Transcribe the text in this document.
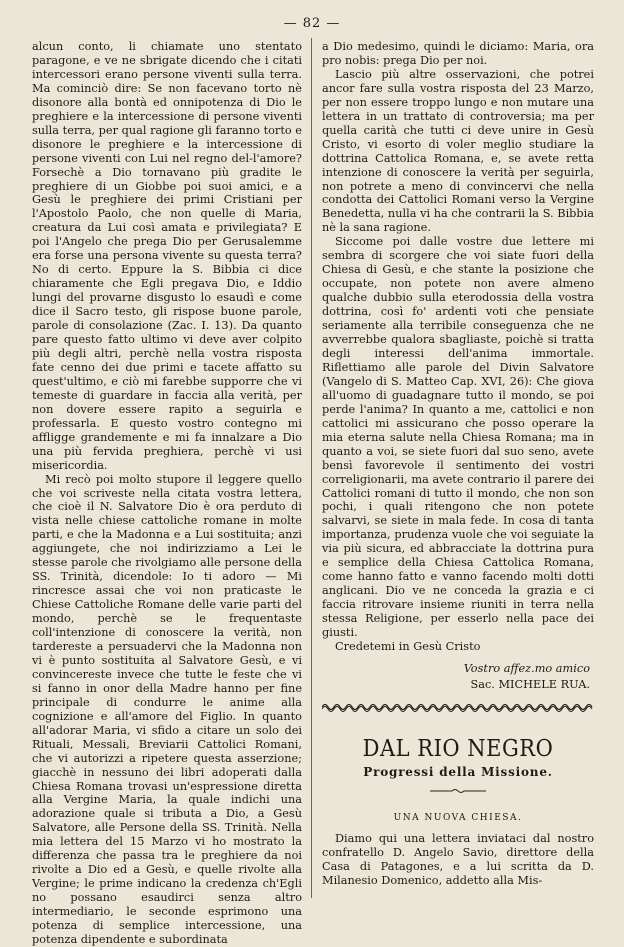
— 82 —

alcun conto, li chiamate uno stentato paragone, e ve ne sbrigate dicendo che i citati intercessori erano persone viventi sulla terra. Ma cominciò dire: Se non facevano torto nè disonore alla bontà ed onnipotenza di Dio le preghiere e la intercessione di persone viventi sulla terra, per qual ragione gli faranno torto e disonore le preghiere e la intercessione di persone viventi con Lui nel regno del-l'amore? Forsechè a Dio tornavano più gradite le preghiere di un Giobbe poi suoi amici, e a Gesù le preghiere dei primi Cristiani per l'Apostolo Paolo, che non quelle di Maria, creatura da Lui così amata e privilegiata? E poi l'Angelo che prega Dio per Gerusalemme era forse una persona vivente su questa terra? No di certo. Eppure la S. Bibbia ci dice chiaramente che Egli pregava Dio, e Iddio lungi del provarne disgusto lo esaudì e come dice il Sacro testo, gli rispose buone parole, parole di consolazione (Zac. I. 13). Da quanto pare questo fatto ultimo vi deve aver colpito più degli altri, perchè nella vostra risposta fate cenno dei due primi e tacete affatto su quest'ultimo, e ciò mi farebbe supporre che vi temeste di guardare in faccia alla verità, per non dovere essere rapito a seguirla e professarla. E questo vostro contegno mi affligge grandemente e mi fa innalzare a Dio una più fervida preghiera, perchè vi usi misericordia.

Mi recò poi molto stupore il leggere quello che voi scriveste nella citata vostra lettera, che cioè il N. Salvatore Dio è ora perduto di vista nelle chiese cattoliche romane in molte parti, e che la Madonna e a Lui sostituita; anzi aggiungete, che noi indirizziamo a Lei le stesse parole che rivolgiamo alle persone della SS. Trinità, dicendole: Io ti adoro — Mi rincresce assai che voi non praticaste le Chiese Cattoliche Romane delle varie parti del mondo, perchè se le frequentaste coll'intenzione di conoscere la verità, non tardereste a persuadervi che la Madonna non vi è punto sostituita al Salvatore Gesù, e vi convincereste invece che tutte le feste che vi si fanno in onor della Madre hanno per fine principale di condurre le anime alla cognizione e all'amore del Figlio. In quanto all'adorar Maria, vi sfido a citare un solo dei Rituali, Messali, Breviarii Cattolici Romani, che vi autorizzi a ripetere questa asserzione; giacchè in nessuno dei libri adoperati dalla Chiesa Romana trovasi un'espressione diretta alla Vergine Maria, la quale indichi una adorazione quale si tributa a Dio, a Gesù Salvatore, alle Persone della SS. Trinità. Nella mia lettera del 15 Marzo vi ho mostrato la differenza che passa tra le preghiere da noi rivolte a Dio ed a Gesù, e quelle rivolte alla Vergine; le prime indicano la credenza ch'Egli no possano esaudirci senza altro intermediario, le seconde esprimono una potenza di semplice intercessione, una potenza dipendente e subordinata

a Dio medesimo, quindi le diciamo: Maria, ora pro nobis: prega Dio per noi.

Lascio più altre osservazioni, che potrei ancor fare sulla vostra risposta del 23 Marzo, per non essere troppo lungo e non mutare una lettera in un trattato di controversia; ma per quella carità che tutti ci deve unire in Gesù Cristo, vi esorto di voler meglio studiare la dottrina Cattolica Romana, e, se avete retta intenzione di conoscere la verità per seguirla, non potrete a meno di convincervi che nella condotta dei Cattolici Romani verso la Vergine Benedetta, nulla vi ha che contrarii la S. Bibbia nè la sana ragione.

Siccome poi dalle vostre due lettere mi sembra di scorgere che voi siate fuori della Chiesa di Gesù, e che stante la posizione che occupate, non potete non avere almeno qualche dubbio sulla eterodossia della vostra dottrina, così fo' ardenti voti che pensiate seriamente alla terribile conseguenza che ne avverrebbe qualora sbagliaste, poichè si tratta degli interessi dell'anima immortale. Riflettiamo alle parole del Divin Salvatore (Vangelo di S. Matteo Cap. XVI, 26): Che giova all'uomo di guadagnare tutto il mondo, se poi perde l'anima? In quanto a me, cattolici e non cattolici mi assicurano che posso operare la mia eterna salute nella Chiesa Romana; ma in quanto a voi, se siete fuori dal suo seno, avete bensì favorevole il sentimento dei vostri correligionarii, ma avete contrario il parere dei Cattolici romani di tutto il mondo, che non son pochi, i quali ritengono che non potete salvarvi, se siete in mala fede. In cosa di tanta importanza, prudenza vuole che voi seguiate la via più sicura, ed abbracciate la dottrina pura e semplice della Chiesa Cattolica Romana, come hanno fatto e vanno facendo molti dotti anglicani. Dio ve ne conceda la grazia e ci faccia ritrovare insieme riuniti in terra nella stessa Religione, per esserlo nella pace dei giusti.

Credetemi in Gesù Cristo

Vostro affez.mo amico
Sac. MICHELE RUA.
DAL RIO NEGRO
Progressi della Missione.
UNA NUOVA CHIESA.

Diamo qui una lettera inviataci dal nostro confratello D. Angelo Savio, direttore della Casa di Patagones, e a lui scritta da D. Milanesio Domenico, addetto alla Mis-
